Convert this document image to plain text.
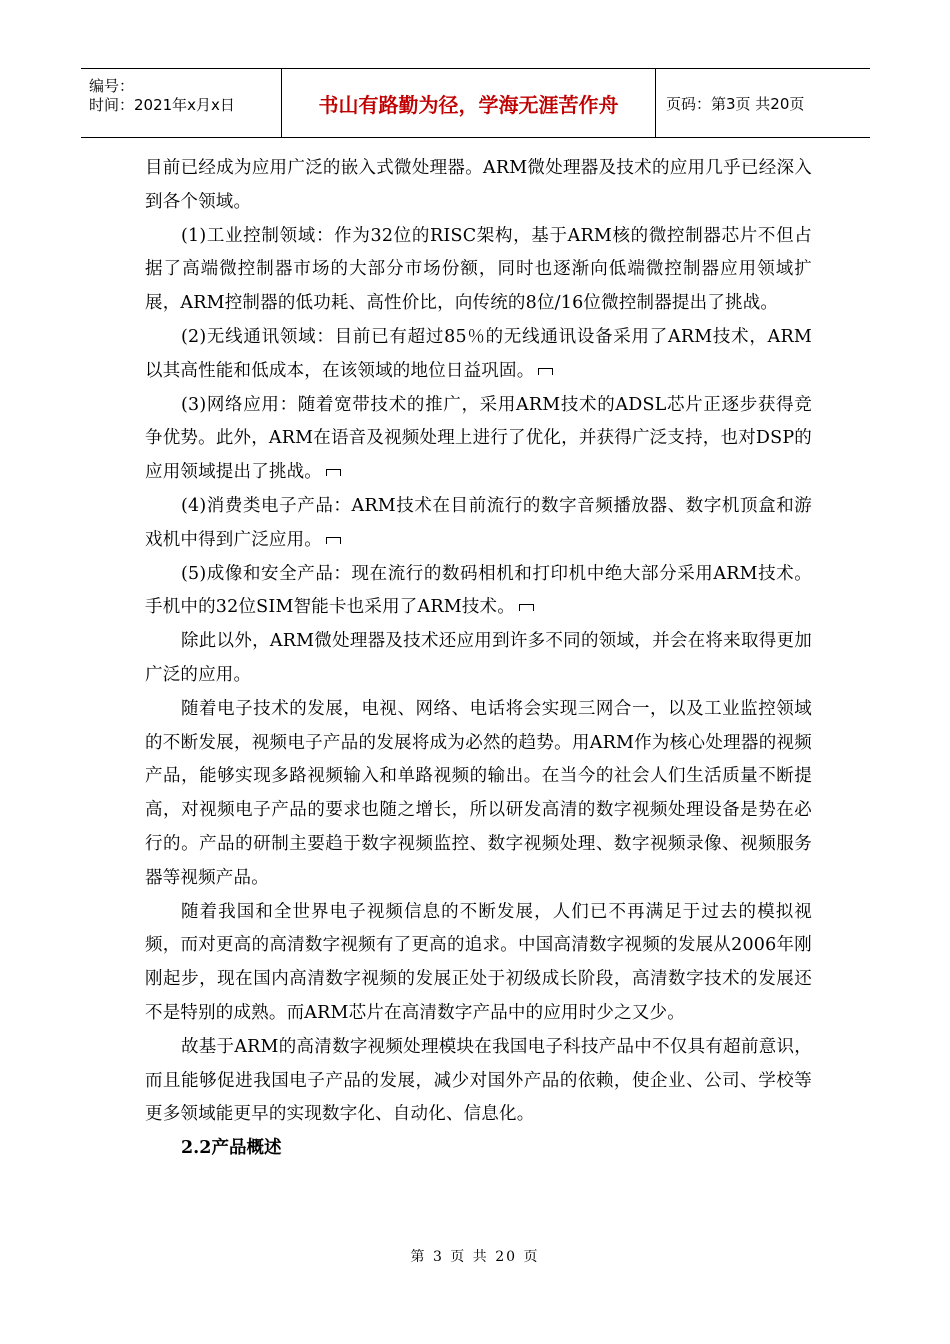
编号：
时间：2021年x月x日	书山有路勤为径，学海无涯苦作舟	页码：第3页 共20页

目前已经成为应用广泛的嵌入式微处理器。ARM微处理器及技术的应用几乎已经深入到各个领域。

(1)工业控制领域：作为32位的RISC架构，基于ARM核的微控制器芯片不但占据了高端微控制器市场的大部分市场份额，同时也逐渐向低端微控制器应用领域扩展，ARM控制器的低功耗、高性价比，向传统的8位/16位微控制器提出了挑战。

(2)无线通讯领域：目前已有超过85％的无线通讯设备采用了ARM技术，ARM以其高性能和低成本，在该领域的地位日益巩固。

(3)网络应用：随着宽带技术的推广，采用ARM技术的ADSL芯片正逐步获得竞争优势。此外，ARM在语音及视频处理上进行了优化，并获得广泛支持，也对DSP的应用领域提出了挑战。

(4)消费类电子产品：ARM技术在目前流行的数字音频播放器、数字机顶盒和游戏机中得到广泛应用。

(5)成像和安全产品：现在流行的数码相机和打印机中绝大部分采用ARM技术。手机中的32位SIM智能卡也采用了ARM技术。

除此以外，ARM微处理器及技术还应用到许多不同的领域，并会在将来取得更加广泛的应用。

随着电子技术的发展，电视、网络、电话将会实现三网合一，以及工业监控领域的不断发展，视频电子产品的发展将成为必然的趋势。用ARM作为核心处理器的视频产品，能够实现多路视频输入和单路视频的输出。在当今的社会人们生活质量不断提高，对视频电子产品的要求也随之增长，所以研发高清的数字视频处理设备是势在必行的。产品的研制主要趋于数字视频监控、数字视频处理、数字视频录像、视频服务器等视频产品。

随着我国和全世界电子视频信息的不断发展，人们已不再满足于过去的模拟视频，而对更高的高清数字视频有了更高的追求。中国高清数字视频的发展从2006年刚刚起步，现在国内高清数字视频的发展正处于初级成长阶段，高清数字技术的发展还不是特别的成熟。而ARM芯片在高清数字产品中的应用时少之又少。

故基于ARM的高清数字视频处理模块在我国电子科技产品中不仅具有超前意识，而且能够促进我国电子产品的发展，减少对国外产品的依赖，使企业、公司、学校等更多领域能更早的实现数字化、自动化、信息化。

2.2产品概述

第 3 页 共 20 页
